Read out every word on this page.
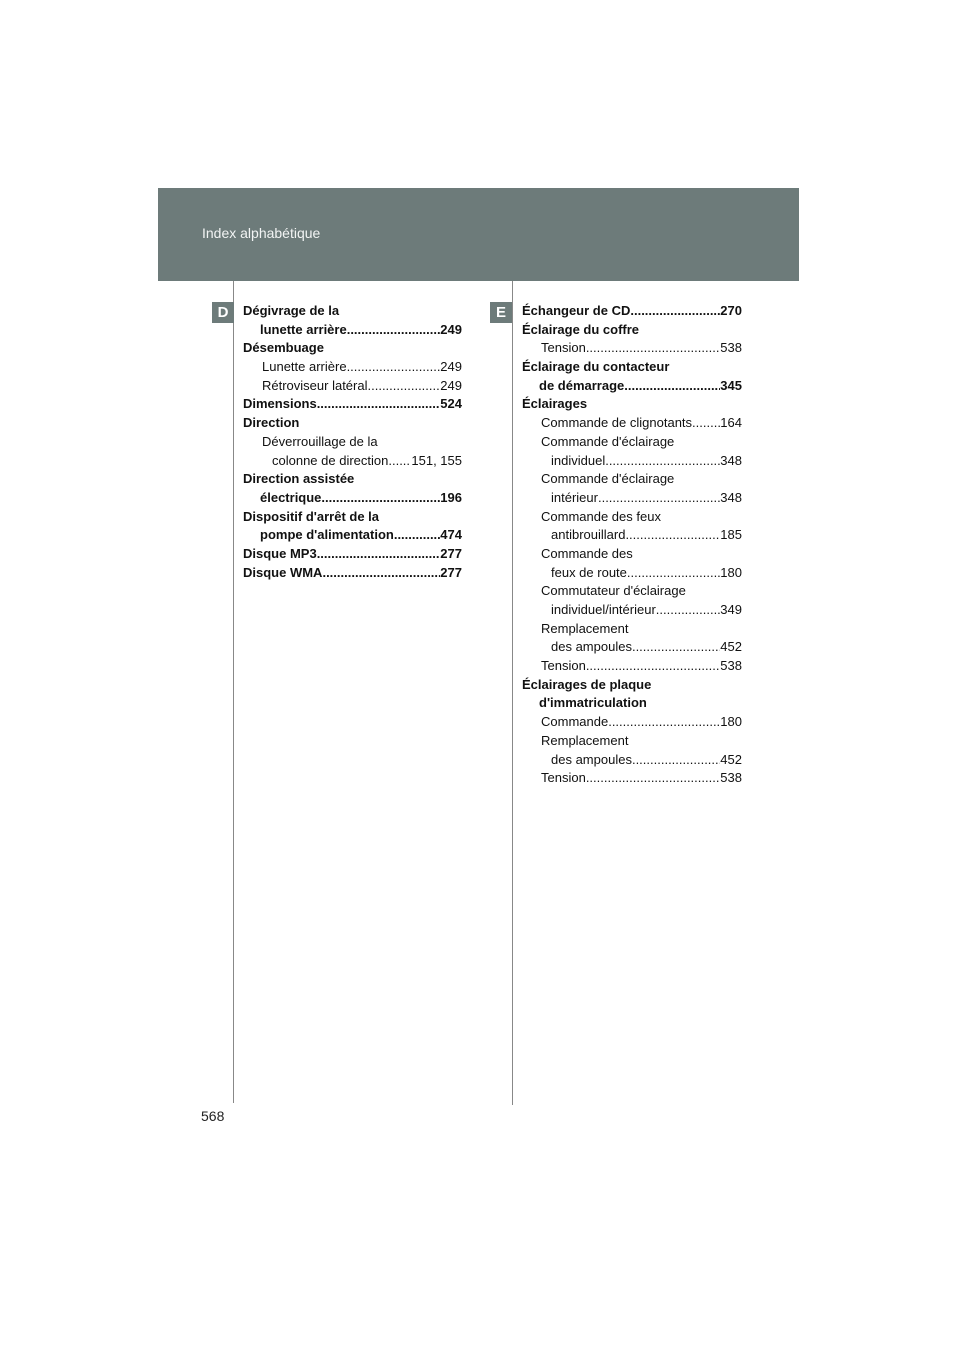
Index alphabétique
D	E
Dégivrage de la
lunette arrière .....	249
Désembuage
Lunette arrière .....	249
Rétroviseur latéral .....	249
Dimensions .....	524
Direction
Déverrouillage de la
colonne de direction ..... 151, 155
Direction assistée
électrique .....	196
Dispositif d'arrêt de la
pompe d'alimentation .....	474
Disque MP3 .....	277
Disque WMA .....	277
Échangeur de CD .....	270
Éclairage du coffre
Tension .....	538
Éclairage du contacteur
de démarrage .....	345
Éclairages
Commande de clignotants ..... 164
Commande d'éclairage
individuel .....	348
Commande d'éclairage
intérieur .....	348
Commande des feux
antibrouillard .....	185
Commande des
feux de route .....	180
Commutateur d'éclairage
individuel/intérieur .....	349
Remplacement
des ampoules .....	452
Tension .....	538
Éclairages de plaque
d'immatriculation
Commande .....	180
Remplacement
des ampoules .....	452
Tension .....	538
568
